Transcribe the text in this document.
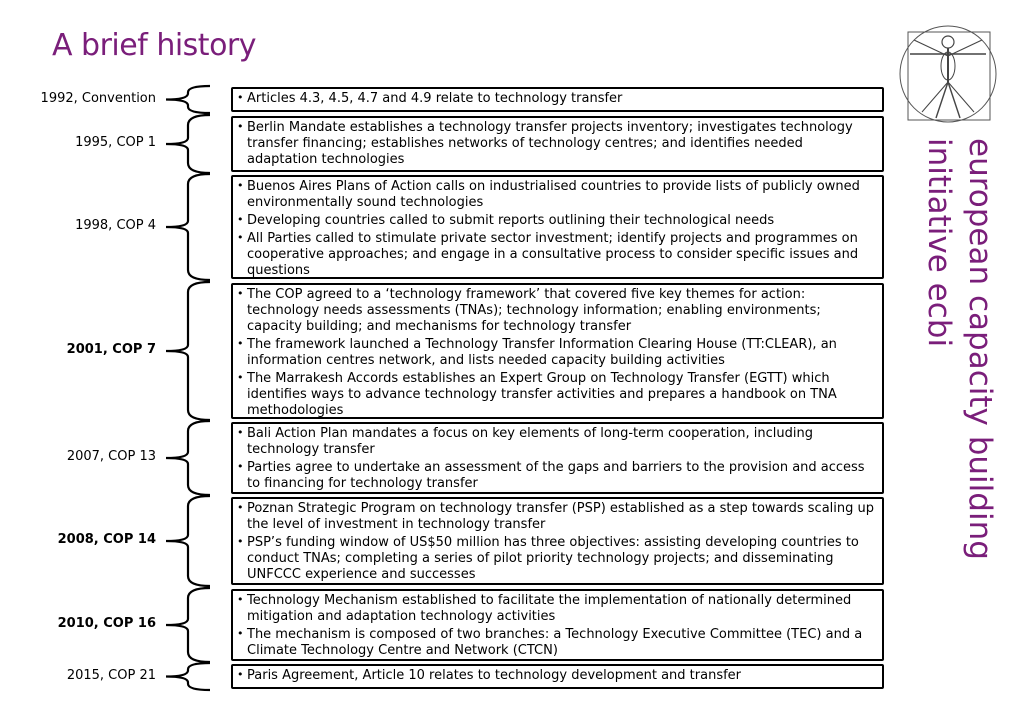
A brief history
european capacity building
initiative ecbi
1992, Convention
1995, COP 1
1998, COP 4
2001, COP 7
2007, COP 13
2008, COP 14
2010, COP 16
2015, COP 21
• Articles 4.3, 4.5, 4.7 and 4.9 relate to technology transfer
• Berlin Mandate establishes a technology transfer projects inventory; investigates technology transfer financing; establishes networks of technology centres; and identifies needed adaptation technologies
• Buenos Aires Plans of Action calls on industrialised countries to provide lists of publicly owned environmentally sound technologies
• Developing countries called to submit reports outlining their technological needs
• All Parties called to stimulate private sector investment; identify projects and programmes on cooperative approaches; and engage in a consultative process to consider specific issues and questions
• The COP agreed to a ‘technology framework’ that covered five key themes for action: technology needs assessments (TNAs); technology information; enabling environments; capacity building; and mechanisms for technology transfer
• The framework launched a Technology Transfer Information Clearing House (TT:CLEAR), an information centres network, and lists needed capacity building activities
• The Marrakesh Accords establishes an Expert Group on Technology Transfer (EGTT) which identifies ways to advance technology transfer activities and prepares a handbook on TNA methodologies
• Bali Action Plan mandates a focus on key elements of long-term cooperation, including technology transfer
• Parties agree to undertake an assessment of the gaps and barriers to the provision and access to financing for technology transfer
• Poznan Strategic Program on technology transfer (PSP) established as a step towards scaling up the level of investment in technology transfer
• PSP’s funding window of US$50 million has three objectives: assisting developing countries to conduct TNAs; completing a series of pilot priority technology projects; and disseminating UNFCCC experience and successes
• Technology Mechanism established to facilitate the implementation of nationally determined mitigation and adaptation technology activities
• The mechanism is composed of two branches: a Technology Executive Committee (TEC) and a Climate Technology Centre and Network (CTCN)
• Paris Agreement, Article 10 relates to technology development and transfer
